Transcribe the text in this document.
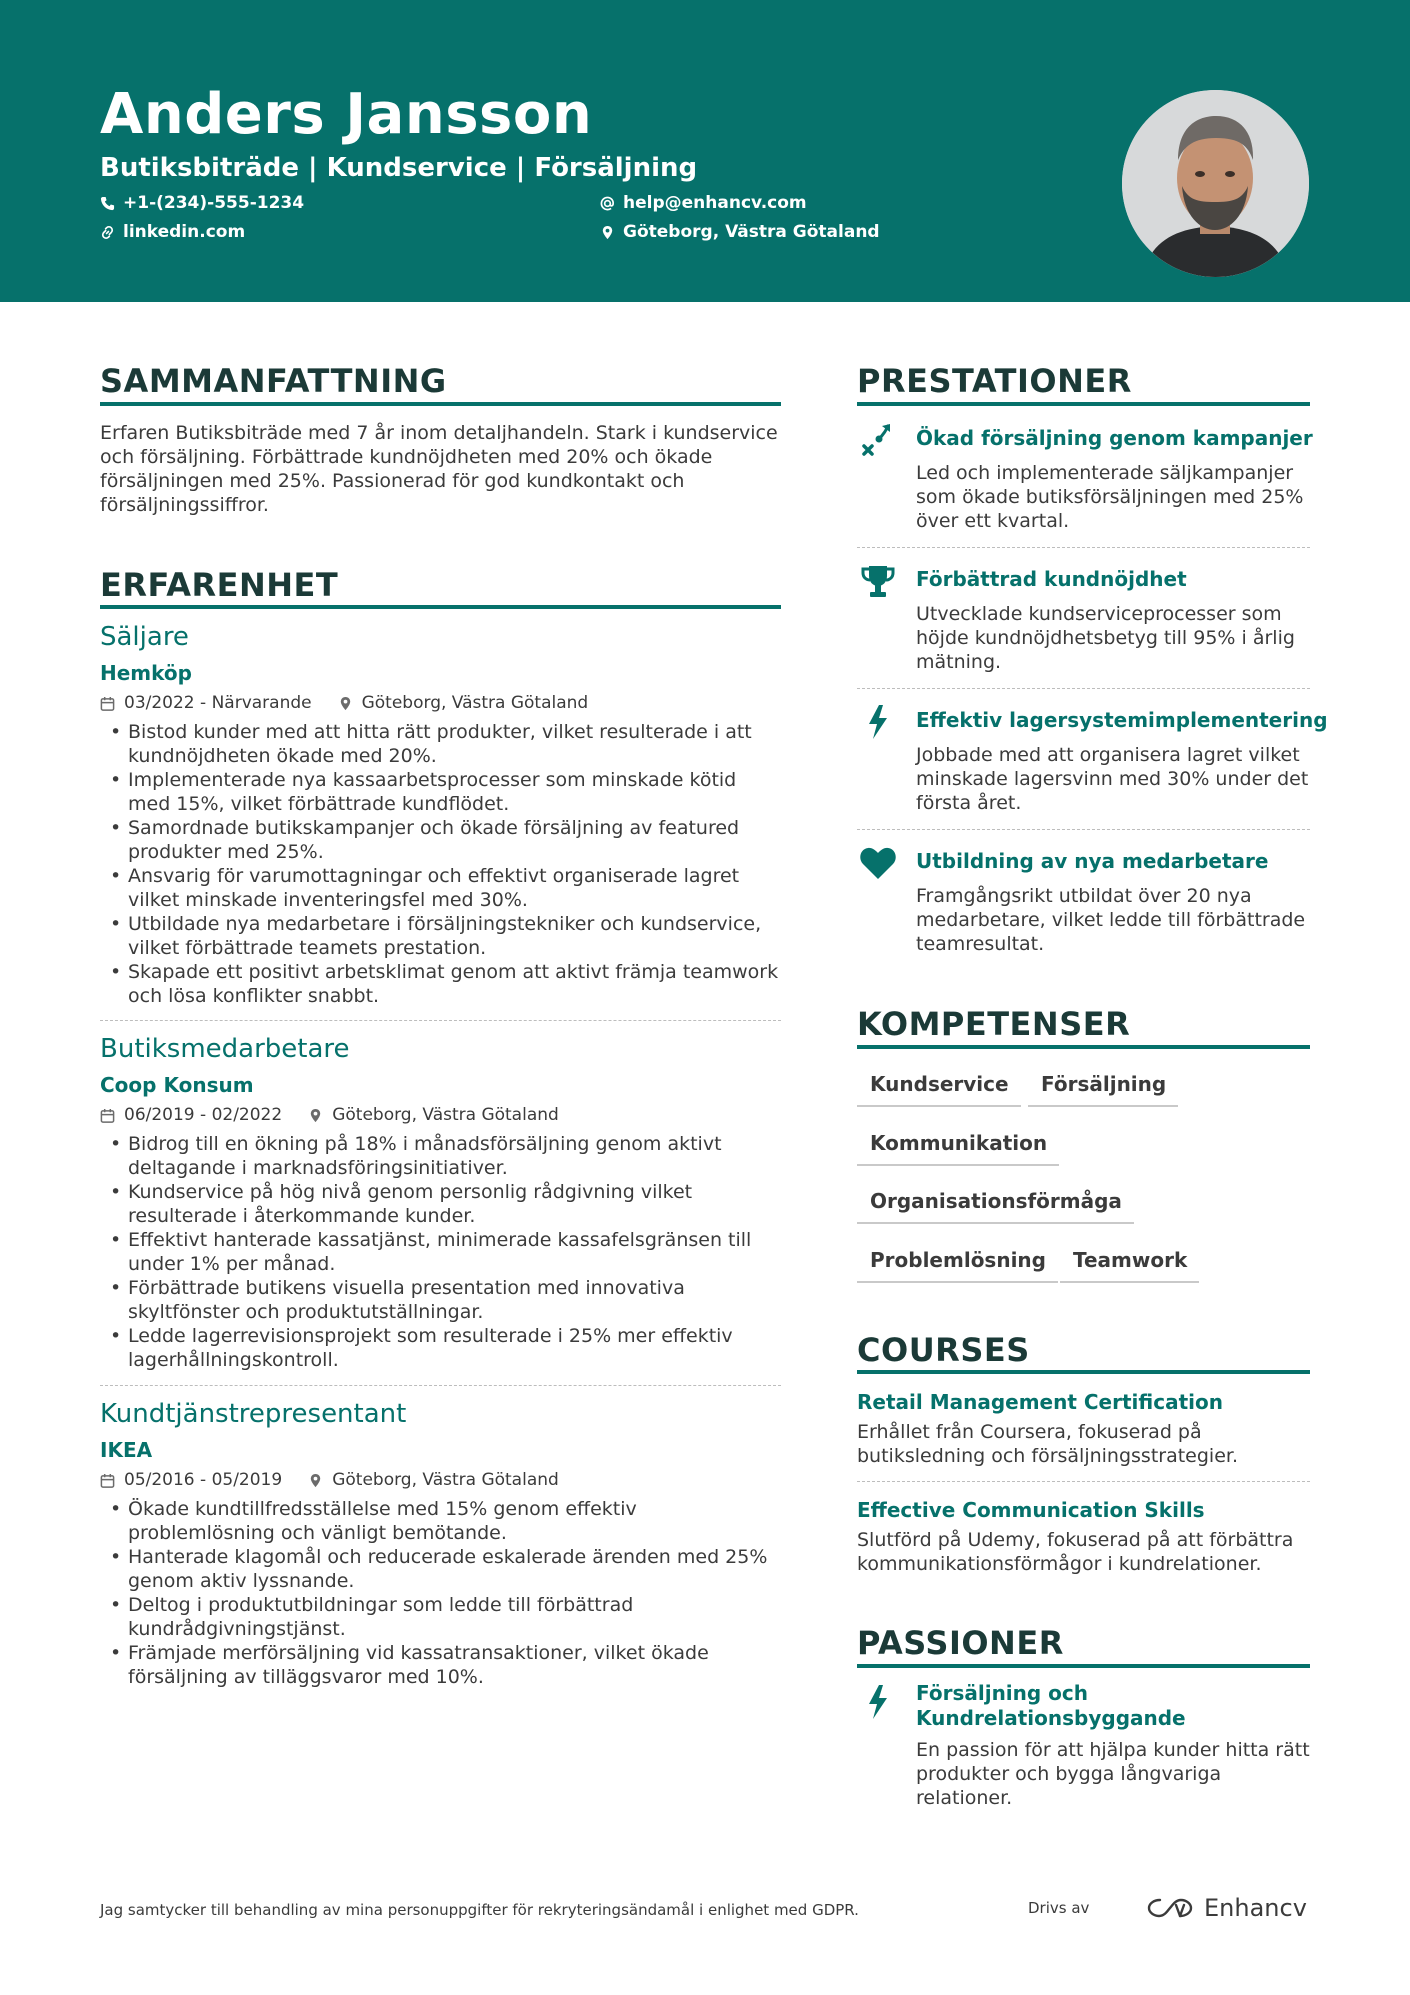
Anders Jansson
Butiksbiträde | Kundservice | Försäljning
+1-(234)-555-1234	help@enhancv.com
linkedin.com	Göteborg, Västra Götaland
SAMMANFATTNING
Erfaren Butiksbiträde med 7 år inom detaljhandeln. Stark i kundservice och försäljning. Förbättrade kundnöjdheten med 20% och ökade försäljningen med 25%. Passionerad för god kundkontakt och försäljningssiffror.
ERFARENHET
Säljare
Hemköp
03/2022 - Närvarande	Göteborg, Västra Götaland
• Bistod kunder med att hitta rätt produkter, vilket resulterade i att kundnöjdheten ökade med 20%.
• Implementerade nya kassaarbetsprocesser som minskade kötid med 15%, vilket förbättrade kundflödet.
• Samordnade butikskampanjer och ökade försäljning av featured produkter med 25%.
• Ansvarig för varumottagningar och effektivt organiserade lagret vilket minskade inventeringsfel med 30%.
• Utbildade nya medarbetare i försäljningstekniker och kundservice, vilket förbättrade teamets prestation.
• Skapade ett positivt arbetsklimat genom att aktivt främja teamwork och lösa konflikter snabbt.
Butiksmedarbetare
Coop Konsum
06/2019 - 02/2022	Göteborg, Västra Götaland
• Bidrog till en ökning på 18% i månadsförsäljning genom aktivt deltagande i marknadsföringsinitiativer.
• Kundservice på hög nivå genom personlig rådgivning vilket resulterade i återkommande kunder.
• Effektivt hanterade kassatjänst, minimerade kassafelsgränsen till under 1% per månad.
• Förbättrade butikens visuella presentation med innovativa skyltfönster och produktutställningar.
• Ledde lagerrevisionsprojekt som resulterade i 25% mer effektiv lagerhållningskontroll.
Kundtjänstrepresentant
IKEA
05/2016 - 05/2019	Göteborg, Västra Götaland
• Ökade kundtillfredsställelse med 15% genom effektiv problemlösning och vänligt bemötande.
• Hanterade klagomål och reducerade eskalerade ärenden med 25% genom aktiv lyssnande.
• Deltog i produktutbildningar som ledde till förbättrad kundrådgivningstjänst.
• Främjade merförsäljning vid kassatransaktioner, vilket ökade försäljning av tilläggsvaror med 10%.
PRESTATIONER
Ökad försäljning genom kampanjer
Led och implementerade säljkampanjer som ökade butiksförsäljningen med 25% över ett kvartal.
Förbättrad kundnöjdhet
Utvecklade kundserviceprocesser som höjde kundnöjdhetsbetyg till 95% i årlig mätning.
Effektiv lagersystemimplementering
Jobbade med att organisera lagret vilket minskade lagersvinn med 30% under det första året.
Utbildning av nya medarbetare
Framgångsrikt utbildat över 20 nya medarbetare, vilket ledde till förbättrade teamresultat.
KOMPETENSER
Kundservice	Försäljning
Kommunikation
Organisationsförmåga
Problemlösning	Teamwork
COURSES
Retail Management Certification
Erhållet från Coursera, fokuserad på butiksledning och försäljningsstrategier.
Effective Communication Skills
Slutförd på Udemy, fokuserad på att förbättra kommunikationsförmågor i kundrelationer.
PASSIONER
Försäljning och Kundrelationsbyggande
En passion för att hjälpa kunder hitta rätt produkter och bygga långvariga relationer.
Jag samtycker till behandling av mina personuppgifter för rekryteringsändamål i enlighet med GDPR.	Drivs av	Enhancv
